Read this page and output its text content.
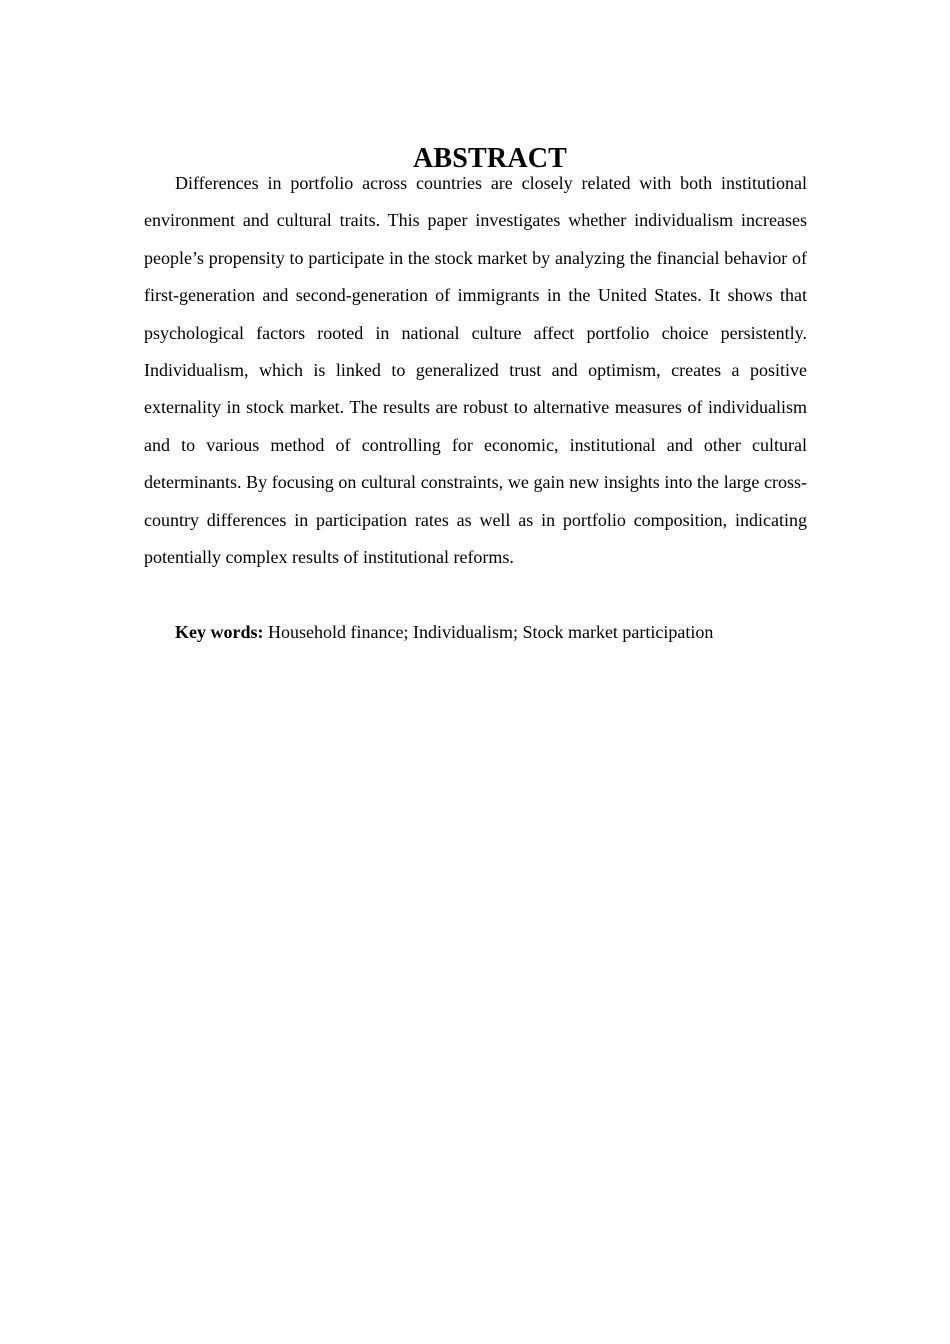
ABSTRACT

Differences in portfolio across countries are closely related with both institutional environment and cultural traits. This paper investigates whether individualism increases people’s propensity to participate in the stock market by analyzing the financial behavior of first-generation and second-generation of immigrants in the United States. It shows that psychological factors rooted in national culture affect portfolio choice persistently. Individualism, which is linked to generalized trust and optimism, creates a positive externality in stock market. The results are robust to alternative measures of individualism and to various method of controlling for economic, institutional and other cultural determinants. By focusing on cultural constraints, we gain new insights into the large cross-country differences in participation rates as well as in portfolio composition, indicating potentially complex results of institutional reforms.

Key words: Household finance; Individualism; Stock market participation
